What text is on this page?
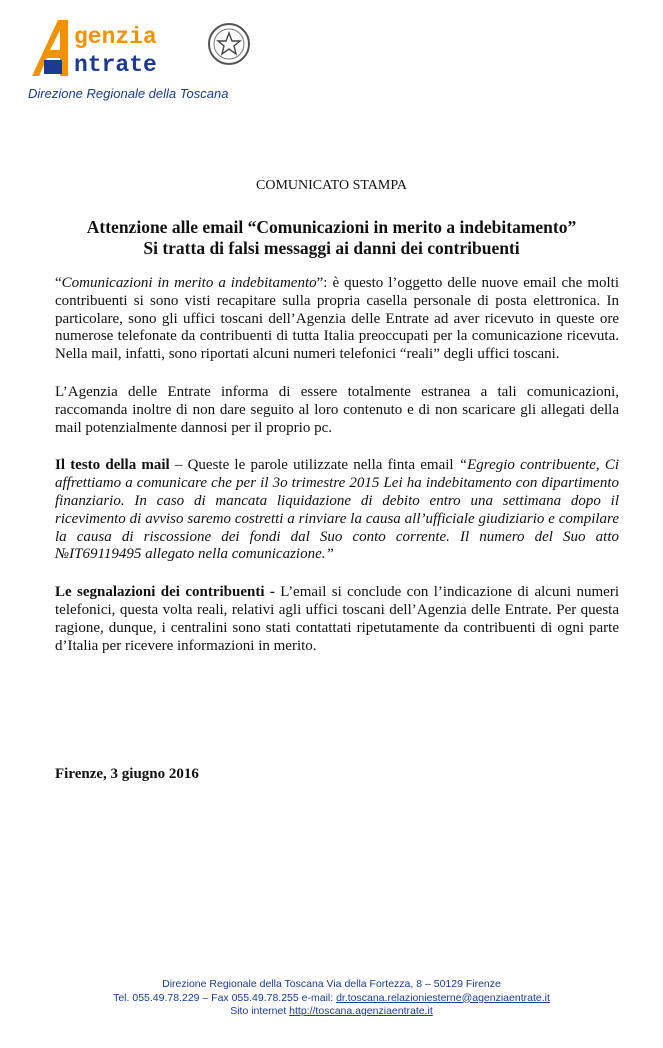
genzia
ntrate

Direzione Regionale della Toscana

COMUNICATO STAMPA

Attenzione alle email “Comunicazioni in merito a indebitamento”
Si tratta di falsi messaggi ai danni dei contribuenti

“Comunicazioni in merito a indebitamento”: è questo l’oggetto delle nuove email che molti contribuenti si sono visti recapitare sulla propria casella personale di posta elettronica. In particolare, sono gli uffici toscani dell’Agenzia delle Entrate ad aver ricevuto in queste ore numerose telefonate da contribuenti di tutta Italia preoccupati per la comunicazione ricevuta. Nella mail, infatti, sono riportati alcuni numeri telefonici “reali” degli uffici toscani.

L’Agenzia delle Entrate informa di essere totalmente estranea a tali comunicazioni, raccomanda inoltre di non dare seguito al loro contenuto e di non scaricare gli allegati della mail potenzialmente dannosi per il proprio pc.

Il testo della mail – Queste le parole utilizzate nella finta email “Egregio contribuente, Ci affrettiamo a comunicare che per il 3o trimestre 2015 Lei ha indebitamento con dipartimento finanziario. In caso di mancata liquidazione di debito entro una settimana dopo il ricevimento di avviso saremo costretti a rinviare la causa all’ufficiale giudiziario e compilare la causa di riscossione dei fondi dal Suo conto corrente. Il numero del Suo atto №IT69119495 allegato nella comunicazione.”

Le segnalazioni dei contribuenti - L’email si conclude con l’indicazione di alcuni numeri telefonici, questa volta reali, relativi agli uffici toscani dell’Agenzia delle Entrate. Per questa ragione, dunque, i centralini sono stati contattati ripetutamente da contribuenti di ogni parte d’Italia per ricevere informazioni in merito.

Firenze, 3 giugno 2016

Direzione Regionale della Toscana Via della Fortezza, 8 – 50129 Firenze
Tel. 055.49.78.229 – Fax 055.49.78.255 e-mail: dr.toscana.relazioniesterne@agenziaentrate.it
Sito internet http://toscana.agenziaentrate.it
